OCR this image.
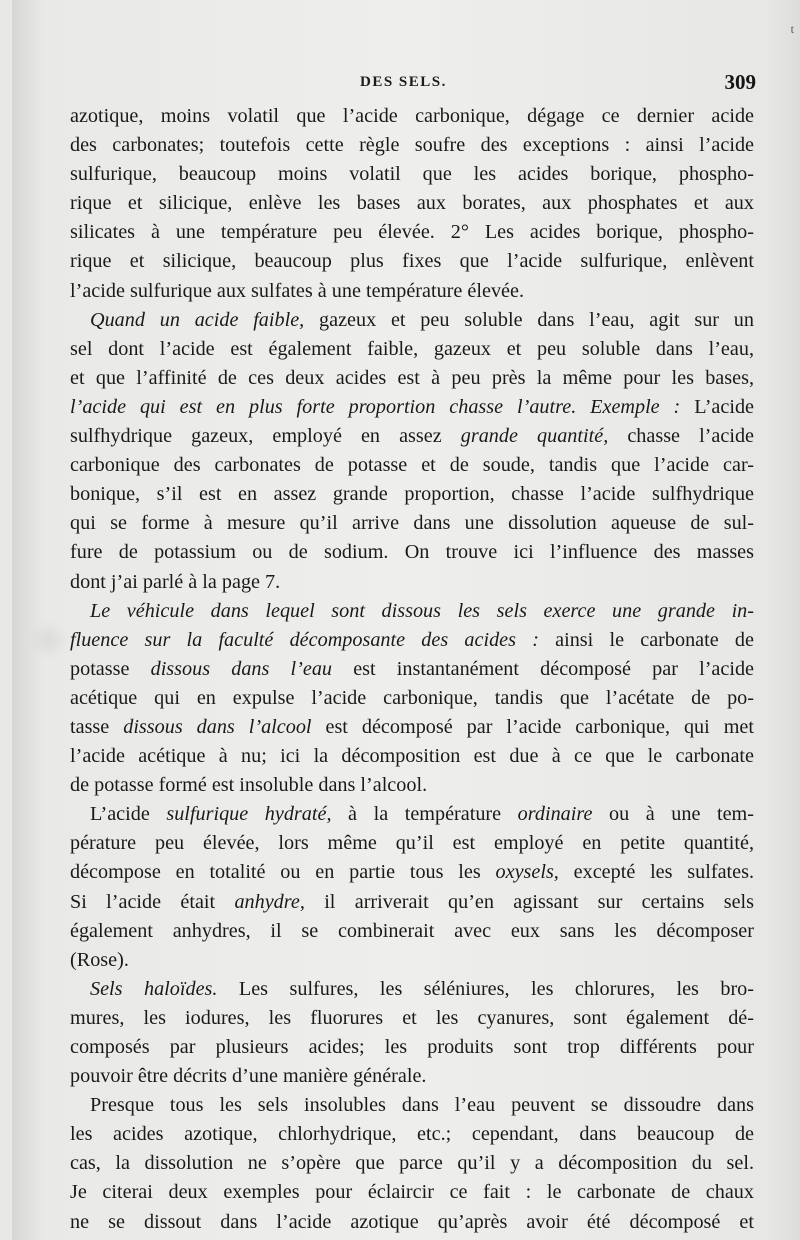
t
DES SELS.	309
azotique, moins volatil que l’acide carbonique, dégage ce dernier acide
des carbonates; toutefois cette règle soufre des exceptions : ainsi l’acide
sulfurique, beaucoup moins volatil que les acides borique, phospho-
rique et silicique, enlève les bases aux borates, aux phosphates et aux
silicates à une température peu élevée. 2° Les acides borique, phospho-
rique et silicique, beaucoup plus fixes que l’acide sulfurique, enlèvent
l’acide sulfurique aux sulfates à une température élevée.
Quand un acide faible, gazeux et peu soluble dans l’eau, agit sur un
sel dont l’acide est également faible, gazeux et peu soluble dans l’eau,
et que l’affinité de ces deux acides est à peu près la même pour les bases,
l’acide qui est en plus forte proportion chasse l’autre. Exemple : L’acide
sulfhydrique gazeux, employé en assez grande quantité, chasse l’acide
carbonique des carbonates de potasse et de soude, tandis que l’acide car-
bonique, s’il est en assez grande proportion, chasse l’acide sulfhydrique
qui se forme à mesure qu’il arrive dans une dissolution aqueuse de sul-
fure de potassium ou de sodium. On trouve ici l’influence des masses
dont j’ai parlé à la page 7.
Le véhicule dans lequel sont dissous les sels exerce une grande in-
fluence sur la faculté décomposante des acides : ainsi le carbonate de
potasse dissous dans l’eau est instantanément décomposé par l’acide
acétique qui en expulse l’acide carbonique, tandis que l’acétate de po-
tasse dissous dans l’alcool est décomposé par l’acide carbonique, qui met
l’acide acétique à nu; ici la décomposition est due à ce que le carbonate
de potasse formé est insoluble dans l’alcool.
L’acide sulfurique hydraté, à la température ordinaire ou à une tem-
pérature peu élevée, lors même qu’il est employé en petite quantité,
décompose en totalité ou en partie tous les oxysels, excepté les sulfates.
Si l’acide était anhydre, il arriverait qu’en agissant sur certains sels
également anhydres, il se combinerait avec eux sans les décomposer
(Rose).
Sels haloïdes. Les sulfures, les séléniures, les chlorures, les bro-
mures, les iodures, les fluorures et les cyanures, sont également dé-
composés par plusieurs acides; les produits sont trop différents pour
pouvoir être décrits d’une manière générale.
Presque tous les sels insolubles dans l’eau peuvent se dissoudre dans
les acides azotique, chlorhydrique, etc.; cependant, dans beaucoup de
cas, la dissolution ne s’opère que parce qu’il y a décomposition du sel.
Je citerai deux exemples pour éclaircir ce fait : le carbonate de chaux
ne se dissout dans l’acide azotique qu’après avoir été décomposé et
